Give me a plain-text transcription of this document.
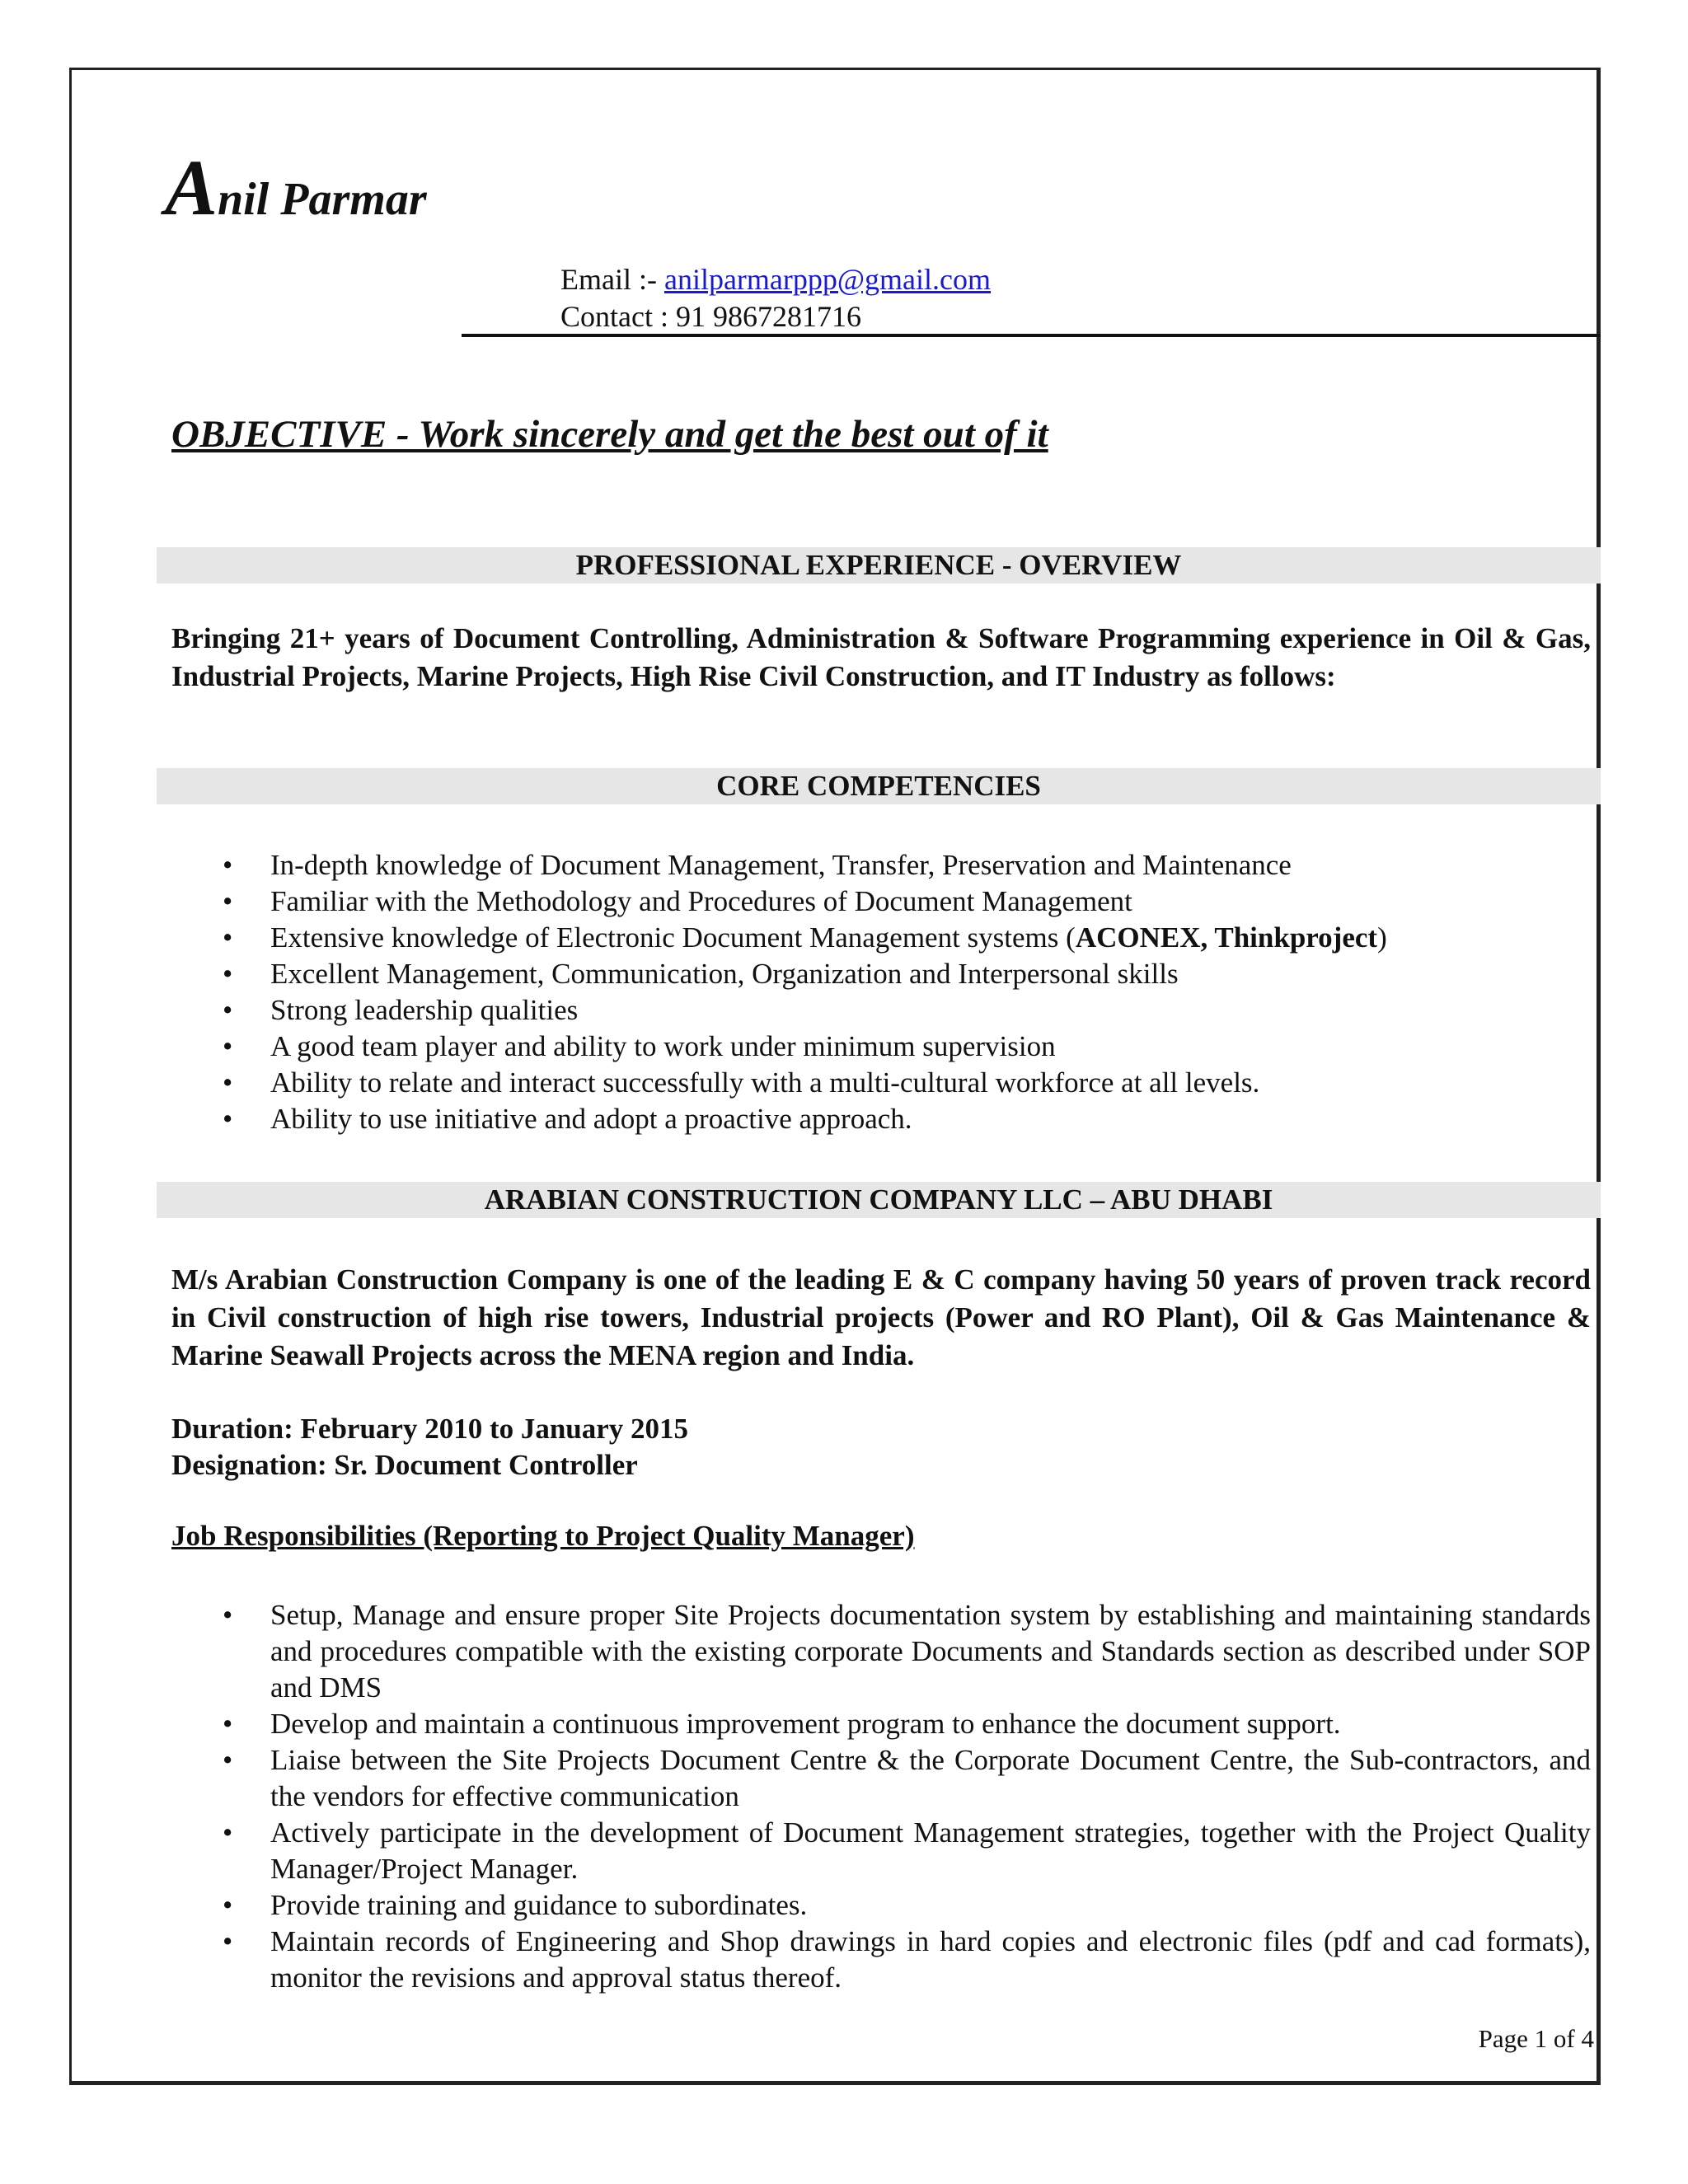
Anil Parmar
Email :- anilparmarppp@gmail.com
Contact : 91 9867281716
OBJECTIVE - Work sincerely and get the best out of it
PROFESSIONAL EXPERIENCE - OVERVIEW
Bringing 21+ years of Document Controlling, Administration & Software Programming experience in Oil & Gas, Industrial Projects, Marine Projects, High Rise Civil Construction, and IT Industry as follows:
CORE COMPETENCIES
• In-depth knowledge of Document Management, Transfer, Preservation and Maintenance
• Familiar with the Methodology and Procedures of Document Management
• Extensive knowledge of Electronic Document Management systems (ACONEX, Thinkproject)
• Excellent Management, Communication, Organization and Interpersonal skills
• Strong leadership qualities
• A good team player and ability to work under minimum supervision
• Ability to relate and interact successfully with a multi-cultural workforce at all levels.
• Ability to use initiative and adopt a proactive approach.
ARABIAN CONSTRUCTION COMPANY LLC – ABU DHABI
M/s Arabian Construction Company is one of the leading E & C company having 50 years of proven track record in Civil construction of high rise towers, Industrial projects (Power and RO Plant), Oil & Gas Maintenance & Marine Seawall Projects across the MENA region and India.
Duration: February 2010 to January 2015
Designation: Sr. Document Controller
Job Responsibilities (Reporting to Project Quality Manager)
• Setup, Manage and ensure proper Site Projects documentation system by establishing and maintaining standards and procedures compatible with the existing corporate Documents and Standards section as described under SOP and DMS
• Develop and maintain a continuous improvement program to enhance the document support.
• Liaise between the Site Projects Document Centre & the Corporate Document Centre, the Sub-contractors, and the vendors for effective communication
• Actively participate in the development of Document Management strategies, together with the Project Quality Manager/Project Manager.
• Provide training and guidance to subordinates.
• Maintain records of Engineering and Shop drawings in hard copies and electronic files (pdf and cad formats), monitor the revisions and approval status thereof.
Page 1 of 4
